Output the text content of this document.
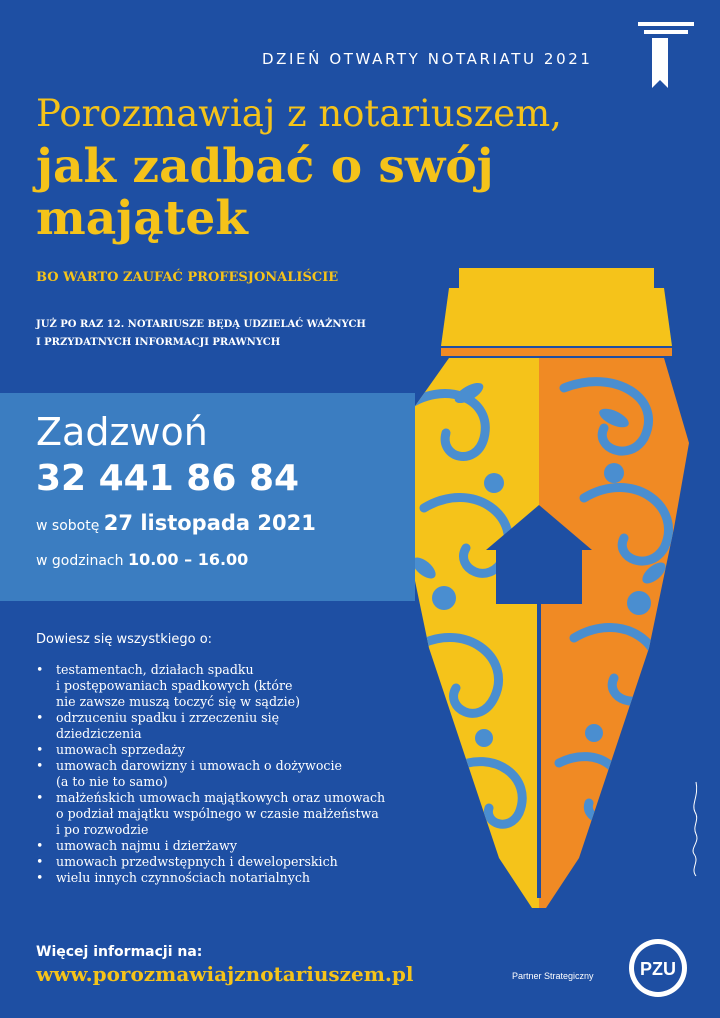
DZIEŃ OTWARTY NOTARIATU 2021
Porozmawiaj z notariuszem,
jak zadbać o swój
majątek
BO WARTO ZAUFAĆ PROFESJONALIŚCIE
JUŻ PO RAZ 12. NOTARIUSZE BĘDĄ UDZIELAĆ WAŻNYCH
I PRZYDATNYCH INFORMACJI PRAWNYCH
Zadzwoń
32 441 86 84
w sobotę 27 listopada 2021
w godzinach 10.00 – 16.00
Dowiesz się wszystkiego o:
• testamentach, działach spadku
i postępowaniach spadkowych (które
nie zawsze muszą toczyć się w sądzie)
• odrzuceniu spadku i zrzeczeniu się
dziedziczenia
• umowach sprzedaży
• umowach darowizny i umowach o dożywocie
(a to nie to samo)
• małżeńskich umowach majątkowych oraz umowach
o podział majątku wspólnego w czasie małżeństwa
i po rozwodzie
• umowach najmu i dzierżawy
• umowach przedwstępnych i deweloperskich
• wielu innych czynnościach notarialnych
Więcej informacji na:
www.porozmawiajznotariuszem.pl	Partner Strategiczny	PZU
